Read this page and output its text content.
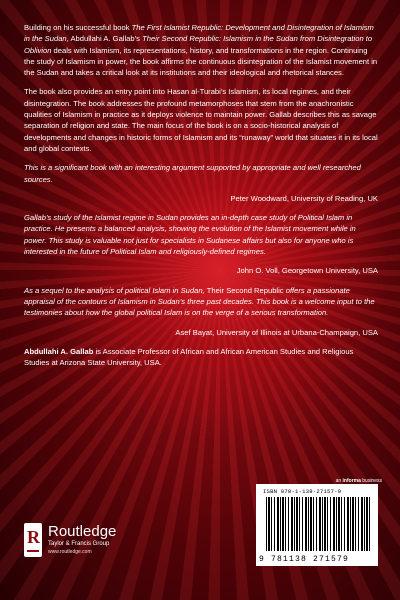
Building on his successful book The First Islamist Republic: Development and Disintegration of Islamism in the Sudan, Abdullahi A. Gallab’s Their Second Republic: Islamism in the Sudan from Disintegration to Oblivion deals with Islamism, its representations, history, and transformations in the region. Continuing the study of Islamism in power, the book affirms the continuous disintegration of the Islamist movement in the Sudan and takes a critical look at its institutions and their ideological and rhetorical stances.

The book also provides an entry point into Hasan al-Turabi’s Islamism, its local regimes, and their disintegration. The book addresses the profound metamorphoses that stem from the anachronistic qualities of Islamism in practice as it deploys violence to maintain power. Gallab describes this as savage separation of religion and state. The main focus of the book is on a socio-historical analysis of developments and changes in historic forms of Islamism and its “runaway” world that situates it in its local and global contexts.

This is a significant book with an interesting argument supported by appropriate and well researched sources.

Peter Woodward, University of Reading, UK

Gallab’s study of the Islamist regime in Sudan provides an in-depth case study of Political Islam in practice. He presents a balanced analysis, showing the evolution of the Islamist movement while in power. This study is valuable not just for specialists in Sudanese affairs but also for anyone who is interested in the future of Political Islam and religiously-defined regimes.

John O. Voll, Georgetown University, USA

As a sequel to the analysis of political Islam in Sudan, Their Second Republic offers a passionate appraisal of the contours of Islamism in Sudan’s three past decades. This book is a welcome input to the testimonies about how the global political Islam is on the verge of a serious transformation.

Asef Bayat, University of Illinois at Urbana-Champaign, USA

Abdullahi A. Gallab is Associate Professor of African and African American Studies and Religious Studies at Arizona State University, USA.

an informa business
ISBN 978-1-138-27157-9
9 781138 271579
R Routledge
Taylor & Francis Group
www.routledge.com
